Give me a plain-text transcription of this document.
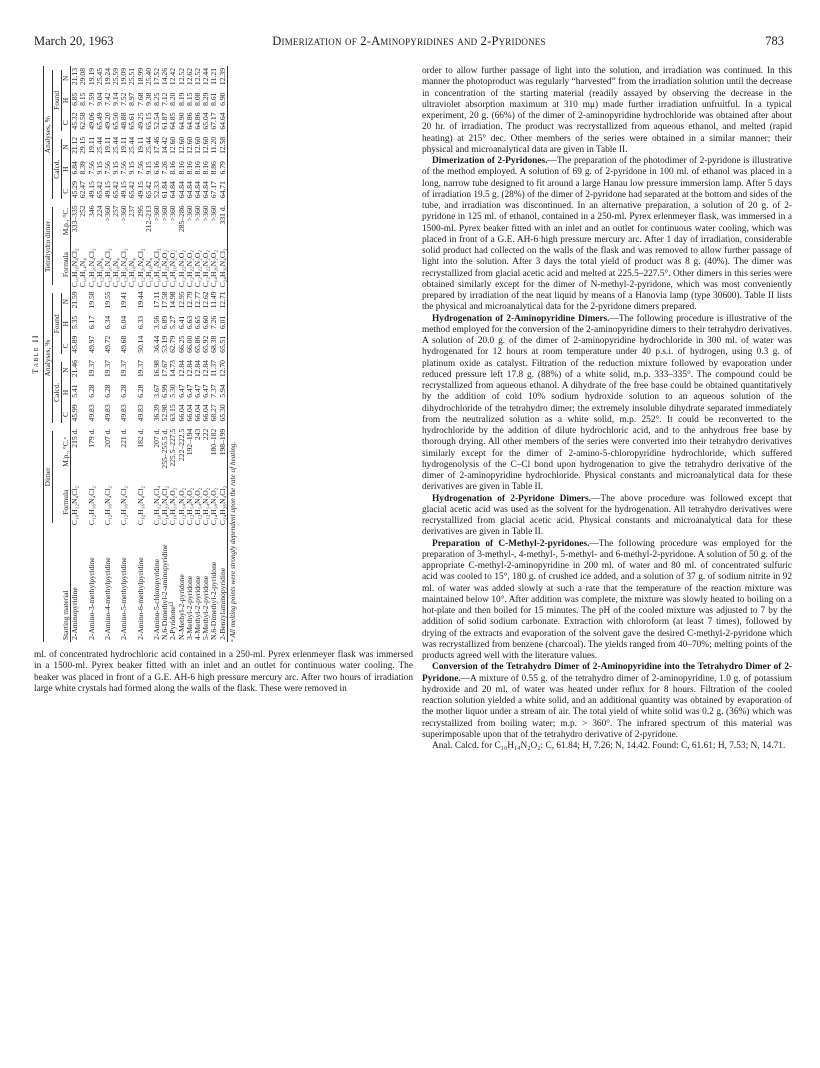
March 20, 1963	Dimerization of 2-Aminopyridines and 2-Pyridones	783
Table II
	Dimer		Analyses, %						Tetrahydro dimer		Analyses, %					

			Calcd.			Found					Calcd.			Found		

Starting material	Formula	M.p., °C.ᵃ	C	H	N	C	H	N	Formula	M.p., °C.	C	H	N	C	H	N
2-Aminopyridine	C₁₀H₁₂N₄Cl₂	215 d.	45.99	5.41	21.46	45.89	5.35	21.59	C₁₀H₁₆N₄Cl₂	333–335	45.29	6.84	21.12	45.32	6.85	21.13
									C₁₀H₁₄N₄	252	62.47	8.39	29.15	62.58	8.15	29.08
2-Amino-3-methylpyridine	C₁₂H₁₆N₄Cl₂	179 d.	49.83	6.28	19.37	49.97	6.17	19.58	C₁₂H₂₀N₄Cl₂	346	49.15	7.56	19.11	49.06	7.59	19.19
									C₁₂H₁₈N₄	224	65.42	9.15	25.44	65.49	9.04	25.45
2-Amino-4-methylpyridine	C₁₂H₁₆N₄Cl₂	207 d.	49.83	6.28	19.37	49.72	6.34	19.55	C₁₂H₂₀N₄Cl₂	>360	49.15	7.56	19.11	49.20	7.42	19.24
									C₁₂H₁₈N₄	257	65.42	9.15	25.44	65.50	9.14	25.59
2-Amino-5-methylpyridine	C₁₂H₁₆N₄Cl₂	221 d.	49.83	6.28	19.37	49.68	6.04	19.41	C₁₂H₂₀N₄Cl₂	>360	49.15	7.56	19.11	48.88	7.52	19.09
									C₁₂H₁₈N₄	237	65.42	9.15	25.44	65.61	8.97	25.51
2-Amino-6-methylpyridine	C₁₂H₁₆N₄Cl₂	182 d.	49.83	6.28	19.37	50.14	6.33	19.44	C₁₂H₂₀N₄Cl₂	295	49.15	7.56	19.11	49.25	7.68	18.99
									C₁₂H₁₈N₄	212–213	65.42	9.15	25.44	65.15	9.38	25.40
2-Amino-5-chloropyridine	C₁₀H₁₂N₄Cl₄	207 d.	36.39	3.67	16.98	36.44	3.56	17.11	C₁₀H₁₂N₄Cl₂	>360	52.33	6.16	17.46	52.54	8.25	17.52
N,6-Dimethyl-2-aminopyridine	C₁₄H₂₀N₄Cl₂	255–255.5 d.	52.98	6.99	17.67	53.19	6.89	17.58	C₁₄H₂₂N₄O₂	>360	61.84	7.26	14.42	61.87	7.12	14.26
2-Pyridone¹²	C₁₀H₁₀N₂O₂	225.5–227.5	63.15	5.30	14.73	62.79	5.27	14.98	C₁₄H₁₆N₂O₂	>360	64.84	8.16	12.60	64.85	8.20	12.42
N-Methyl-2-pyridone	C₁₂H₁₄N₂O₂	222–222.5	66.04	6.47	12.84	66.25	6.41	12.95	C₁₂H₂₂N₂O₂	285–286	64.84	8.16	12.60	64.90	8.19	12.52
3-Methyl-2-pyridone	C₁₂H₁₄N₂O₂	192–194	66.04	6.47	12.84	66.00	6.63	12.79	C₁₂H₂₂N₂O₂	>360	64.84	8.16	12.60	64.86	8.15	12.62
4-Methyl-2-pyridone	C₁₂H₁₄N₂O₂	243	66.04	6.47	12.84	65.86	6.65	12.77	C₁₂H₂₂N₂O₂	>360	64.84	8.16	12.60	64.86	8.08	12.52
5-Methyl-2-pyridone	C₁₂H₁₄N₂O₂	222	66.04	6.47	12.84	65.92	6.60	12.62	C₁₂H₂₂N₂O₂	>360	64.84	8.16	12.60	65.04	8.29	12.44
N,6-Dimethyl-2-pyridone	C₁₄H₁₈N₂O₂	180–182	68.27	7.37	11.37	68.38	7.26	11.49	C₁₄H₂₆N₂O₂	>360	67.17	8.86	11.20	67.17	8.61	11.21
2-Benzylaminopyridine	C₂₄H₂₆N₄Cl₂	198–199	65.30	5.94	12.70	65.51	6.01	12.71	C₂₄H₃₀N₄Cl₂	331 d.	64.71	6.79	12.58	64.64	6.90	12.39
ᵃ All melting points were strongly dependent upon the rate of heating.

ml. of concentrated hydrochloric acid contained in a 250-ml. Pyrex erlenmeyer flask was immersed in a 1500-ml. Pyrex beaker fitted with an inlet and an outlet for continuous water cooling. The beaker was placed in front of a G.E. AH-6 high pressure mercury arc. After two hours of irradiation large white crystals had formed along the walls of the flask. These were removed in

order to allow further passage of light into the solution, and irradiation was continued. In this manner the photoproduct was regularly “harvested” from the irradiation solution until the decrease in concentration of the starting material (readily assayed by observing the decrease in the ultraviolet absorption maximum at 310 mμ) made further irradiation unfruitful. In a typical experiment, 20 g. (66%) of the dimer of 2-aminopyridine hydrochloride was obtained after about 20 hr. of irradiation. The product was recrystallized from aqueous ethanol, and melted (rapid heating) at 215° dec. Other members of the series were obtained in a similar manner; their physical and microanalytical data are given in Table II.

Dimerization of 2-Pyridones.—The preparation of the photodimer of 2-pyridone is illustrative of the method employed. A solution of 69 g. of 2-pyridone in 100 ml. of ethanol was placed in a long, narrow tube designed to fit around a large Hanau low pressure immersion lamp. After 5 days of irradiation 19.5 g. (28%) of the dimer of 2-pyridone had separated at the bottom and sides of the tube, and irradiation was discontinued. In an alternative preparation, a solution of 20 g. of 2-pyridone in 125 ml. of ethanol, contained in a 250-ml. Pyrex erlenmeyer flask, was immersed in a 1500-ml. Pyrex beaker fitted with an inlet and an outlet for continuous water cooling, which was placed in front of a G.E. AH-6 high pressure mercury arc. After 1 day of irradiation, considerable solid product had collected on the walls of the flask and was removed to allow further passage of light into the solution. After 3 days the total yield of product was 8 g. (40%). The dimer was recrystallized from glacial acetic acid and melted at 225.5–227.5°. Other dimers in this series were obtained similarly except for the dimer of N-methyl-2-pyridone, which was most conveniently prepared by irradiation of the neat liquid by means of a Hanovia lamp (type 30600). Table II lists the physical and microanalytical data for the 2-pyridone dimers prepared.

Hydrogenation of 2-Aminopyridine Dimers.—The following procedure is illustrative of the method employed for the conversion of the 2-aminopyridine dimers to their tetrahydro derivatives. A solution of 20.0 g. of the dimer of 2-aminopyridine hydrochloride in 300 ml. of water was hydrogenated for 12 hours at room temperature under 40 p.s.i. of hydrogen, using 0.3 g. of platinum oxide as catalyst. Filtration of the reduction mixture followed by evaporation under reduced pressure left 17.8 g. (88%) of a white solid, m.p. 333–335°. The compound could be recrystallized from aqueous ethanol. A dihydrate of the free base could be obtained quantitatively by the addition of cold 10% sodium hydroxide solution to an aqueous solution of the dihydrochloride of the tetrahydro dimer; the extremely insoluble dihydrate separated immediately from the neutralized solution as a white solid, m.p. 252°. It could be reconverted to the hydrochloride by the addition of dilute hydrochloric acid, and to the anhydrous free base by thorough drying. All other members of the series were converted into their tetrahydro derivatives similarly except for the dimer of 2-amino-5-chloropyridine hydrochloride, which suffered hydrogenolysis of the C–Cl bond upon hydrogenation to give the tetrahydro derivative of the dimer of 2-aminopyridine hydrochloride. Physical constants and microanalytical data for these derivatives are given in Table II.

Hydrogenation of 2-Pyridone Dimers.—The above procedure was followed except that glacial acetic acid was used as the solvent for the hydrogenation. All tetrahydro derivatives were recrystallized from glacial acetic acid. Physical constants and microanalytical data for these derivatives are given in Table II.

Preparation of C-Methyl-2-pyridones.—The following procedure was employed for the preparation of 3-methyl-, 4-methyl-, 5-methyl- and 6-methyl-2-pyridone. A solution of 50 g. of the appropriate C-methyl-2-aminopyridine in 200 ml. of water and 80 ml. of concentrated sulfuric acid was cooled to 15°, 180 g. of crushed ice added, and a solution of 37 g. of sodium nitrite in 92 ml. of water was added slowly at such a rate that the temperature of the reaction mixture was maintained below 10°. After addition was complete, the mixture was slowly heated to boiling on a hot-plate and then boiled for 15 minutes. The pH of the cooled mixture was adjusted to 7 by the addition of solid sodium carbonate. Extraction with chloroform (at least 7 times), followed by drying of the extracts and evaporation of the solvent gave the desired C-methyl-2-pyridone which was recrystallized from benzene (charcoal). The yields ranged from 40–70%; melting points of the products agreed well with the literature values.

Conversion of the Tetrahydro Dimer of 2-Aminopyridine into the Tetrahydro Dimer of 2-Pyridone.—A mixture of 0.55 g. of the tetrahydro dimer of 2-aminopyridine, 1.0 g. of potassium hydroxide and 20 ml. of water was heated under reflux for 8 hours. Filtration of the cooled reaction solution yielded a white solid, and an additional quantity was obtained by evaporation of the mother liquor under a stream of air. The total yield of white solid was 0.2 g. (36%) which was recrystallized from boiling water; m.p. > 360°. The infrared spectrum of this material was superimposable upon that of the tetrahydro derivative of 2-pyridone.

Anal. Calcd. for C₁₀H₁₄N₂O₂: C, 61.84; H, 7.26; N, 14.42. Found: C, 61.61; H, 7.53; N, 14.71.
